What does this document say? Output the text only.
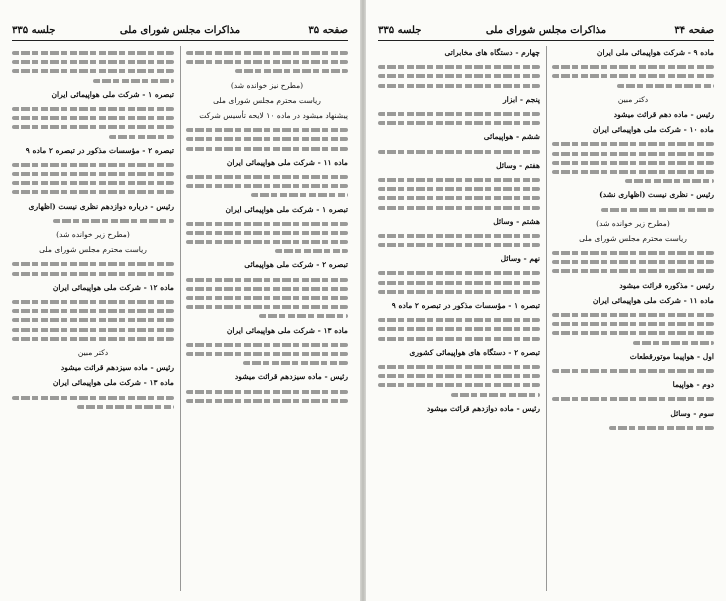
صفحه ۳۵
مذاکرات مجلس شورای ملی
جلسه ۳۳۵

(مطرح نیز خوانده شد)

ریاست محترم مجلس شورای ملی

پیشنهاد میشود در ماده ۱۰ لایحه تأسیس شرکت

ماده ۱۱ - شرکت ملی هواپیمائی ایران

تبصره ۱ - شرکت ملی هواپیمائی ایران

تبصره ۲ - شرکت ملی هواپیمائی

ماده ۱۳ - شرکت ملی هواپیمائی ایران

رئیس - ماده سیزدهم قرائت میشود

تبصره ۱ - شرکت ملی هواپیمائی ایران

تبصره ۲ - مؤسسات مذکور در تبصره ۲ ماده ۹

رئیس - درباره دوازدهم نظری نیست (اظهاری

(مطرح زیر خوانده شد)

ریاست محترم مجلس شورای ملی

ماده ۱۲ - شرکت ملی هواپیمائی ایران

دکتر مبین

رئیس - ماده سیزدهم قرائت میشود

ماده ۱۳ - شرکت ملی هواپیمائی ایران

صفحه ۳۴
مذاکرات مجلس شورای ملی
جلسه ۳۳۵

ماده ۹ - شرکت هواپیمائی ملی ایران

دکتر مبین

رئیس - ماده دهم قرائت میشود

ماده ۱۰ - شرکت ملی هواپیمائی ایران

رئیس - نظری نیست (اظهاری نشد)

(مطرح زیر خوانده شد)

ریاست محترم مجلس شورای ملی

رئیس - مذکوره قرائت میشود

ماده ۱۱ - شرکت ملی هواپیمائی ایران

اول - هواپیما موتورقطعات

دوم - هواپیما

سوم - وسائل

چهارم - دستگاه های مخابراتی

پنجم - ابزار

ششم - هواپیمائی

هفتم - وسائل

هشتم - وسائل

نهم - وسائل

تبصره ۱ - مؤسسات مذکور در تبصره ۲ ماده ۹

تبصره ۲ - دستگاه های هواپیمائی کشوری

رئیس - ماده دوازدهم قرائت میشود
